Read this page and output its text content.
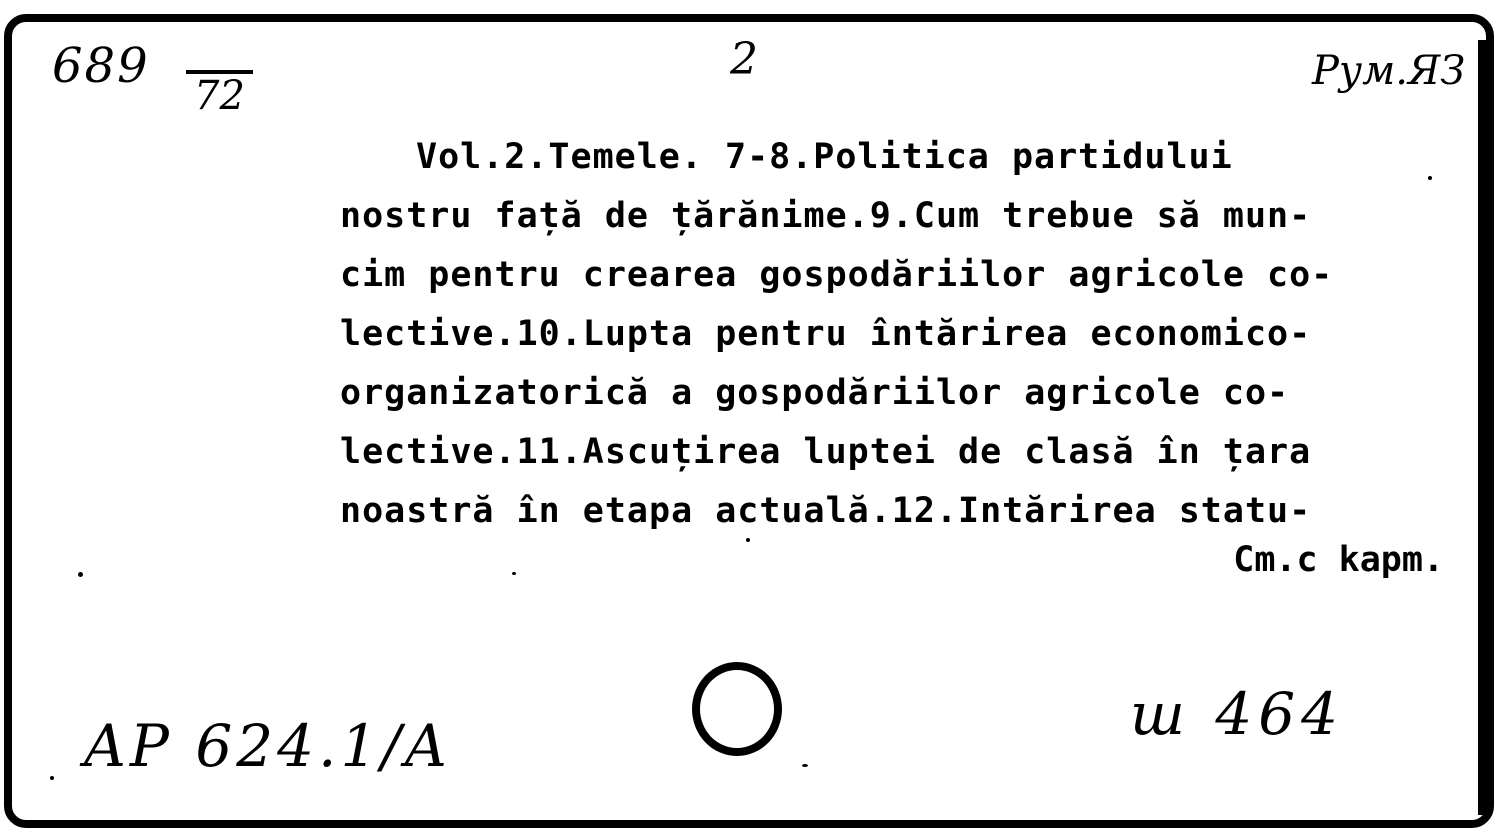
689
72
2	Рум.ЯЗ
Vol.2.Temele. 7-8.Politica partidului
nostru față de țărănime.9.Cum trebue să mun-
cim pentru crearea gospodăriilor agricole co-
lective.10.Lupta pentru întărirea economico-
organizatorică a gospodăriilor agricole co-
lective.11.Ascuțirea luptei de clasă în țara
noastră în etapa actuală.12.Intărirea statu-
Cm.c kapm.
AP 624.1/A	ш 464
